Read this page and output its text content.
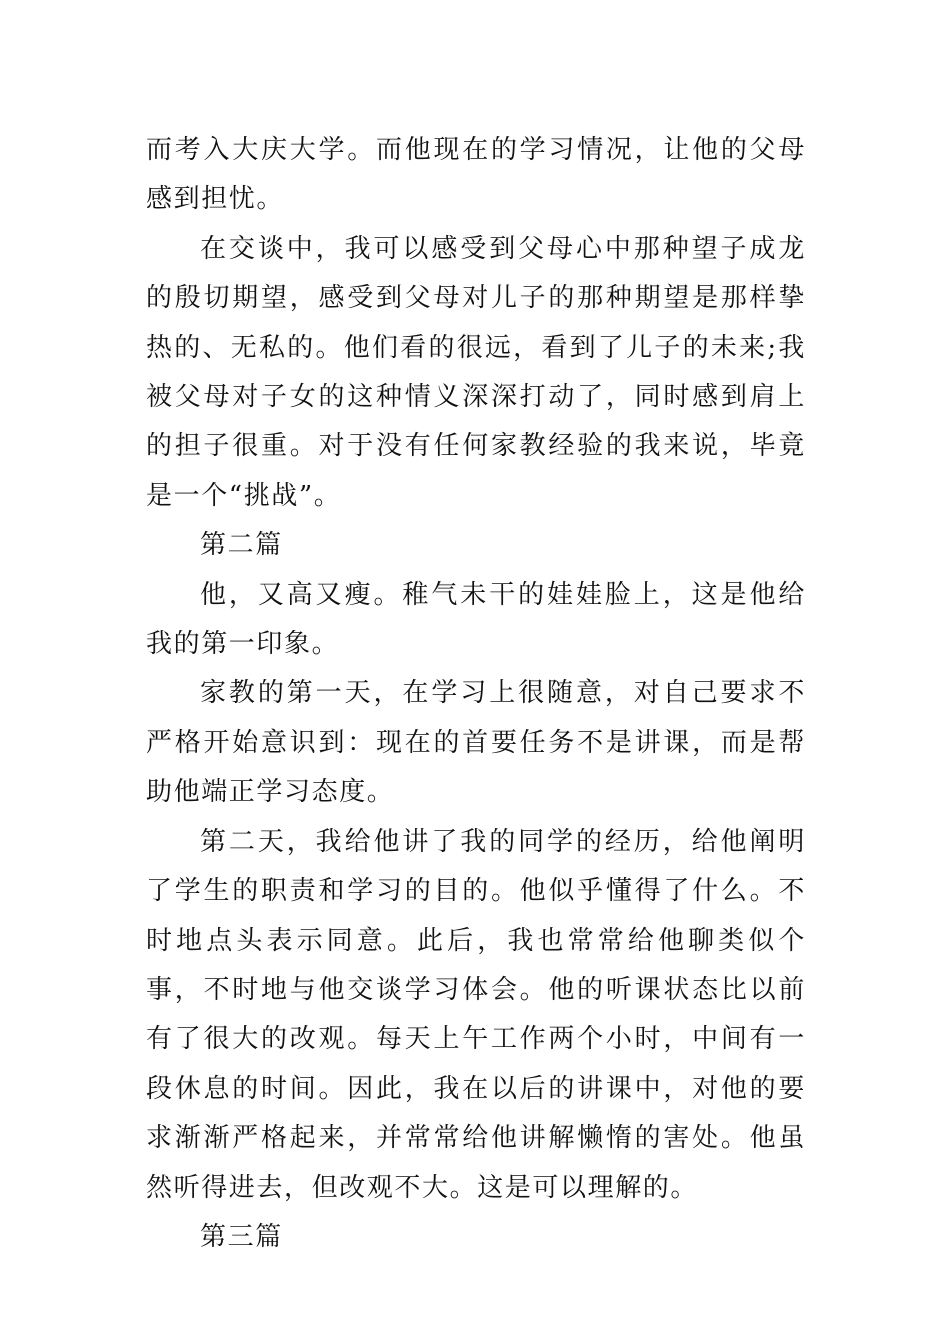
而考入大庆大学。而他现在的学习情况，让他的父母感到担忧。

在交谈中，我可以感受到父母心中那种望子成龙的殷切期望，感受到父母对儿子的那种期望是那样挚热的、无私的。他们看的很远，看到了儿子的未来;我被父母对子女的这种情义深深打动了，同时感到肩上的担子很重。对于没有任何家教经验的我来说，毕竟是一个“挑战”。

第二篇

他，又高又瘦。稚气未干的娃娃脸上，这是他给我的第一印象。

家教的第一天，在学习上很随意，对自己要求不严格开始意识到：现在的首要任务不是讲课，而是帮助他端正学习态度。

第二天，我给他讲了我的同学的经历，给他阐明了学生的职责和学习的目的。他似乎懂得了什么。不时地点头表示同意。此后，我也常常给他聊类似个事，不时地与他交谈学习体会。他的听课状态比以前有了很大的改观。每天上午工作两个小时，中间有一段休息的时间。因此，我在以后的讲课中，对他的要求渐渐严格起来，并常常给他讲解懒惰的害处。他虽然听得进去，但改观不大。这是可以理解的。

第三篇
